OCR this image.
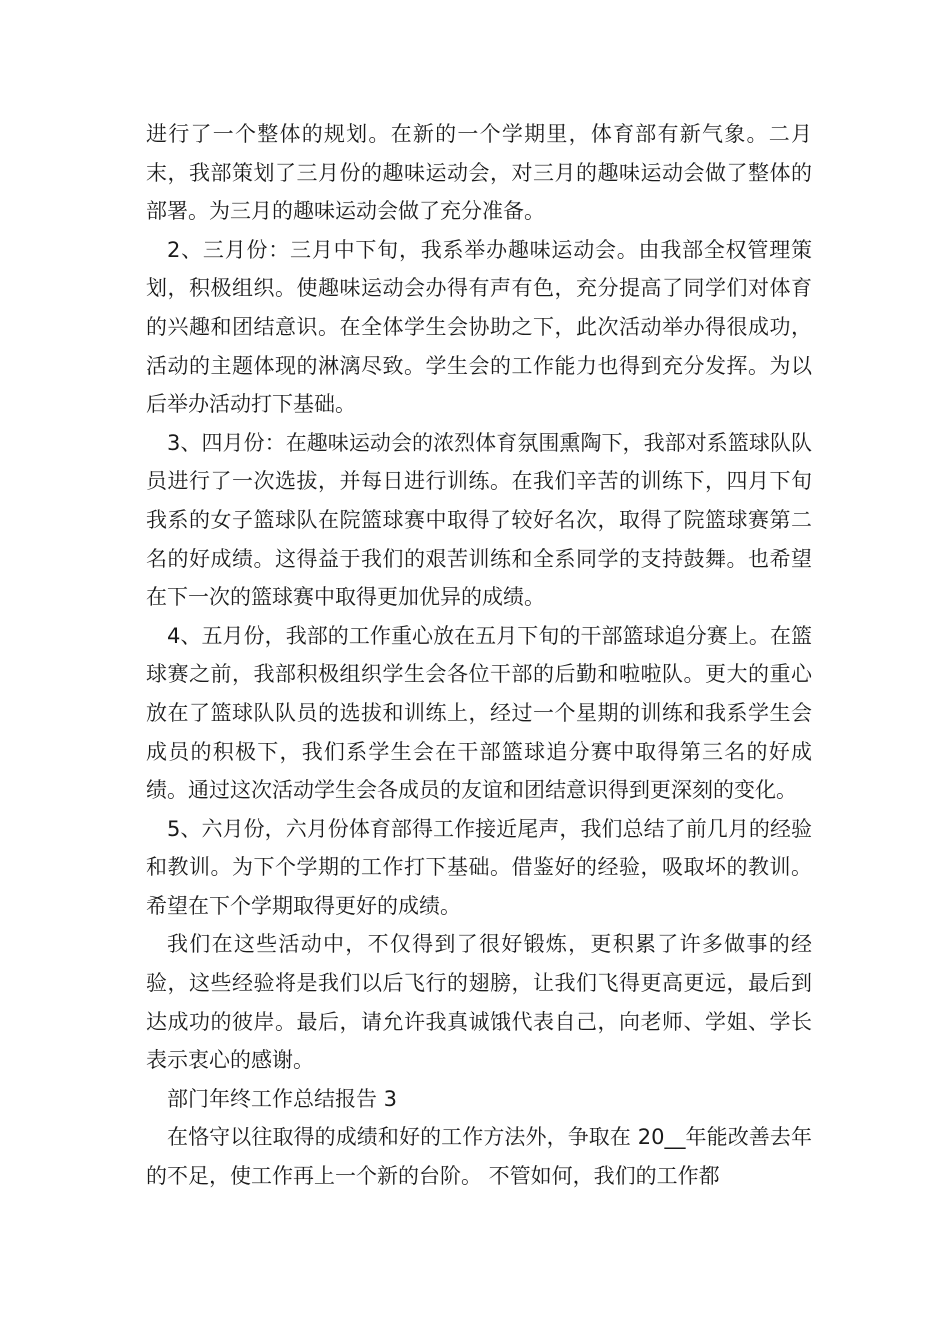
进行了一个整体的规划。在新的一个学期里，体育部有新气象。二月末，我部策划了三月份的趣味运动会，对三月的趣味运动会做了整体的部署。为三月的趣味运动会做了充分准备。

2、三月份：三月中下旬，我系举办趣味运动会。由我部全权管理策划，积极组织。使趣味运动会办得有声有色，充分提高了同学们对体育的兴趣和团结意识。在全体学生会协助之下，此次活动举办得很成功，活动的主题体现的淋漓尽致。学生会的工作能力也得到充分发挥。为以后举办活动打下基础。

3、四月份：在趣味运动会的浓烈体育氛围熏陶下，我部对系篮球队队员进行了一次选拔，并每日进行训练。在我们辛苦的训练下，四月下旬我系的女子篮球队在院篮球赛中取得了较好名次，取得了院篮球赛第二名的好成绩。这得益于我们的艰苦训练和全系同学的支持鼓舞。也希望在下一次的篮球赛中取得更加优异的成绩。

4、五月份，我部的工作重心放在五月下旬的干部篮球追分赛上。在篮球赛之前，我部积极组织学生会各位干部的后勤和啦啦队。更大的重心放在了篮球队队员的选拔和训练上，经过一个星期的训练和我系学生会成员的积极下，我们系学生会在干部篮球追分赛中取得第三名的好成绩。通过这次活动学生会各成员的友谊和团结意识得到更深刻的变化。

5、六月份，六月份体育部得工作接近尾声，我们总结了前几月的经验和教训。为下个学期的工作打下基础。借鉴好的经验，吸取坏的教训。希望在下个学期取得更好的成绩。

我们在这些活动中，不仅得到了很好锻炼，更积累了许多做事的经验，这些经验将是我们以后飞行的翅膀，让我们飞得更高更远，最后到达成功的彼岸。最后，请允许我真诚饿代表自己，向老师、学姐、学长表示衷心的感谢。

部门年终工作总结报告 3

在恪守以往取得的成绩和好的工作方法外，争取在 20__年能改善去年的不足，使工作再上一个新的台阶。 不管如何，我们的工作都
